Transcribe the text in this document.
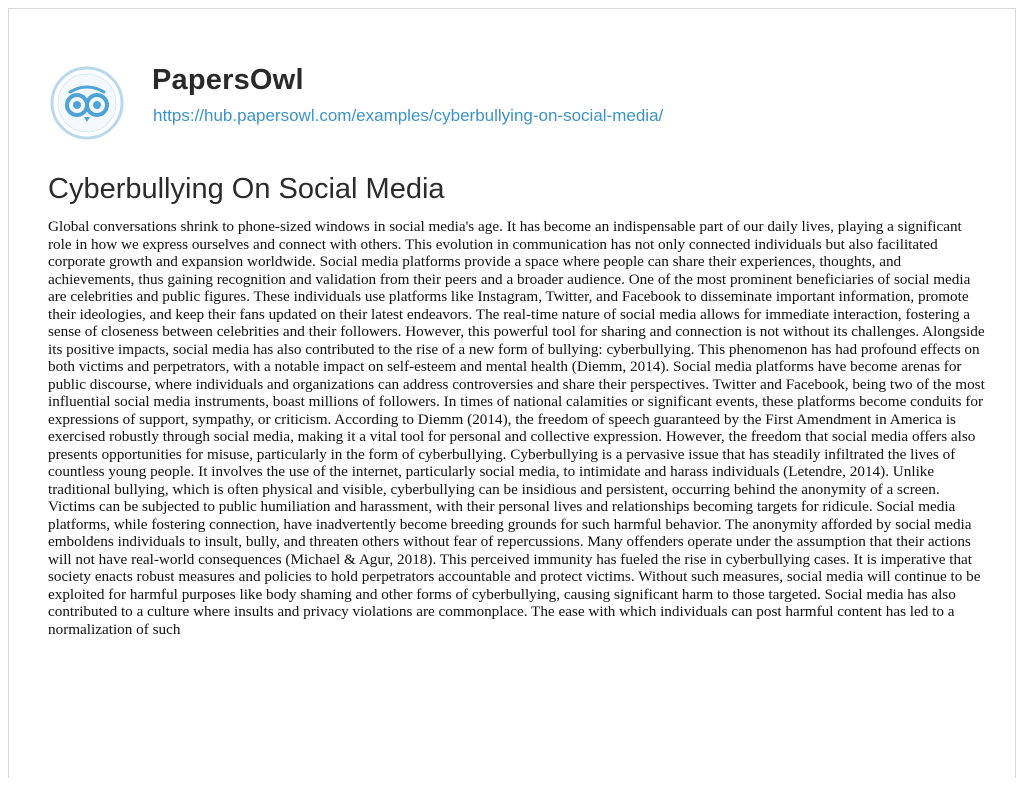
PapersOwl
https://hub.papersowl.com/examples/cyberbullying-on-social-media/
Cyberbullying On Social Media

Global conversations shrink to phone-sized windows in social media's age. It has become an indispensable part of our daily lives, playing a significant role in how we express ourselves and connect with others. This evolution in communication has not only connected individuals but also facilitated corporate growth and expansion worldwide. Social media platforms provide a space where people can share their experiences, thoughts, and achievements, thus gaining recognition and validation from their peers and a broader audience. One of the most prominent beneficiaries of social media are celebrities and public figures. These individuals use platforms like Instagram, Twitter, and Facebook to disseminate important information, promote their ideologies, and keep their fans updated on their latest endeavors. The real-time nature of social media allows for immediate interaction, fostering a sense of closeness between celebrities and their followers. However, this powerful tool for sharing and connection is not without its challenges. Alongside its positive impacts, social media has also contributed to the rise of a new form of bullying: cyberbullying. This phenomenon has had profound effects on both victims and perpetrators, with a notable impact on self-esteem and mental health (Diemm, 2014). Social media platforms have become arenas for public discourse, where individuals and organizations can address controversies and share their perspectives. Twitter and Facebook, being two of the most influential social media instruments, boast millions of followers. In times of national calamities or significant events, these platforms become conduits for expressions of support, sympathy, or criticism. According to Diemm (2014), the freedom of speech guaranteed by the First Amendment in America is exercised robustly through social media, making it a vital tool for personal and collective expression. However, the freedom that social media offers also presents opportunities for misuse, particularly in the form of cyberbullying. Cyberbullying is a pervasive issue that has steadily infiltrated the lives of countless young people. It involves the use of the internet, particularly social media, to intimidate and harass individuals (Letendre, 2014). Unlike traditional bullying, which is often physical and visible, cyberbullying can be insidious and persistent, occurring behind the anonymity of a screen. Victims can be subjected to public humiliation and harassment, with their personal lives and relationships becoming targets for ridicule. Social media platforms, while fostering connection, have inadvertently become breeding grounds for such harmful behavior. The anonymity afforded by social media emboldens individuals to insult, bully, and threaten others without fear of repercussions. Many offenders operate under the assumption that their actions will not have real-world consequences (Michael & Agur, 2018). This perceived immunity has fueled the rise in cyberbullying cases. It is imperative that society enacts robust measures and policies to hold perpetrators accountable and protect victims. Without such measures, social media will continue to be exploited for harmful purposes like body shaming and other forms of cyberbullying, causing significant harm to those targeted. Social media has also contributed to a culture where insults and privacy violations are commonplace. The ease with which individuals can post harmful content has led to a normalization of such
